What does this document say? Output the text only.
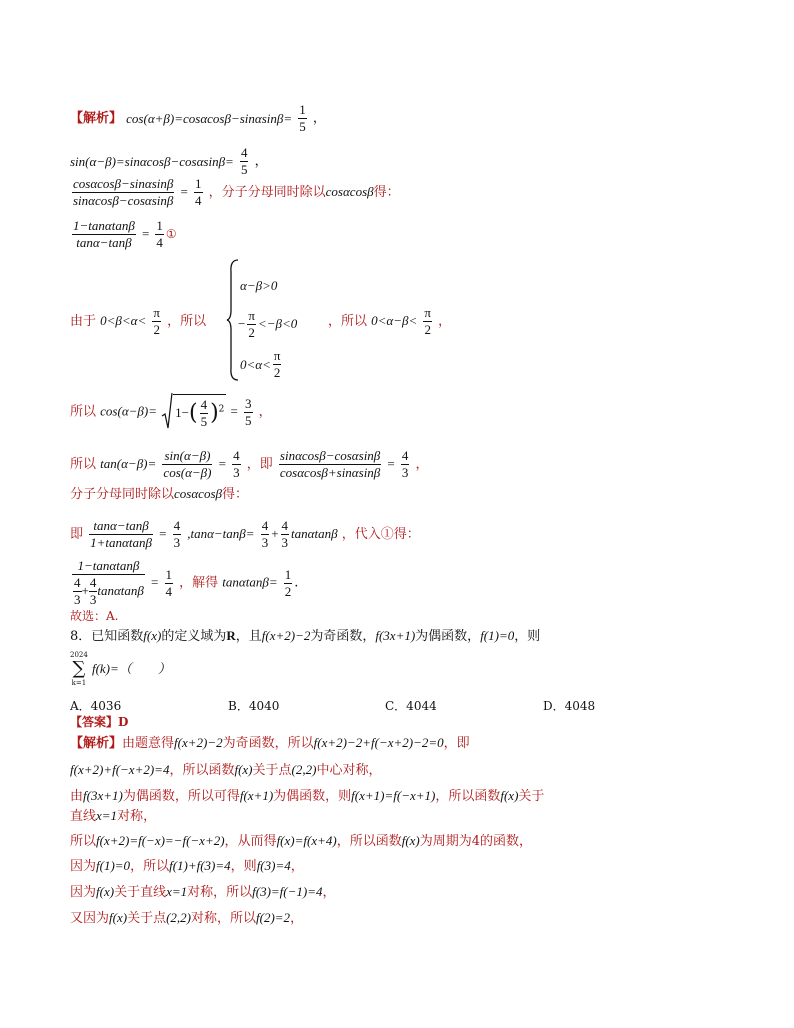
【解析】 $\cos(\alpha+\beta)=\cos\alpha\cos\beta-\sin\alpha\sin\beta= \frac{1}{5}$ ，
$\sin(\alpha-\beta)=\sin\alpha\cos\beta-\cos\alpha\sin\beta= \frac{4}{5}$ ，
$\frac{\cos\alpha\cos\beta-\sin\alpha\sin\beta}{\sin\alpha\cos\beta-\cos\alpha\sin\beta} = \frac{1}{4}$ ，分子分母同时除以cosαcosβ得：
$\frac{1-\tan\alpha\tan\beta}{\tan\alpha-\tan\beta} = \frac{1}{4}$ ①
由于 $0<\beta<\alpha< \frac{\pi}{2}$ ，所以
α−β>0
− $\frac{\pi}{2} <-\beta<0$
$0<\alpha< \frac{\pi}{2}$
，所以 $0<\alpha-\beta< \frac{\pi}{2}$ ，
所以 $\cos(\alpha-\beta)= 1-( \frac{4}{5} )^2 = \frac{3}{5}$ ，
所以 $\tan(\alpha-\beta)= \frac{\sin(\alpha-\beta)}{\cos(\alpha-\beta)} = \frac{4}{3}$ ，即 $\frac{\sin\alpha\cos\beta-\cos\alpha\sin\beta}{\cos\alpha\cos\beta+\sin\alpha\sin\beta} = \frac{4}{3}$ ，
分子分母同时除以cosαcosβ得：
即 $\frac{\tan\alpha-\tan\beta}{1+\tan\alpha\tan\beta} = \frac{4}{3} ,\tan\alpha-\tan\beta= \frac{4}{3} + \frac{4}{3}$ tanαtanβ ，代入①得：
$\frac{1-\tan\alpha\tan\beta}{\frac{4}{3} + \frac{4}{3} \tan\alpha\tan\beta} = \frac{1}{4}$ ，解得 $\tan\alpha\tan\beta= \frac{1}{2}$ .
故选：A.
8．已知函数f(x)的定义域为R，且f(x+2)−2为奇函数，f(3x+1)为偶函数，f(1)=0，则
2024
∑
k=1
f(k)=（　　）
A．4036	B．4040	C．4044	D．4048
【答案】D
【解析】由题意得f(x+2)−2为奇函数，所以f(x+2)−2+f(−x+2)−2=0，即
f(x+2)+f(−x+2)=4，所以函数f(x)关于点(2,2)中心对称，
由f(3x+1)为偶函数，所以可得f(x+1)为偶函数，则f(x+1)=f(−x+1)，所以函数f(x)关于
直线x=1对称，
所以f(x+2)=f(−x)=−f(−x+2)，从而得f(x)=f(x+4)，所以函数f(x)为周期为4的函数，
因为f(1)=0，所以f(1)+f(3)=4，则f(3)=4，
因为f(x)关于直线x=1对称，所以f(3)=f(−1)=4，
又因为f(x)关于点(2,2)对称，所以f(2)=2，
